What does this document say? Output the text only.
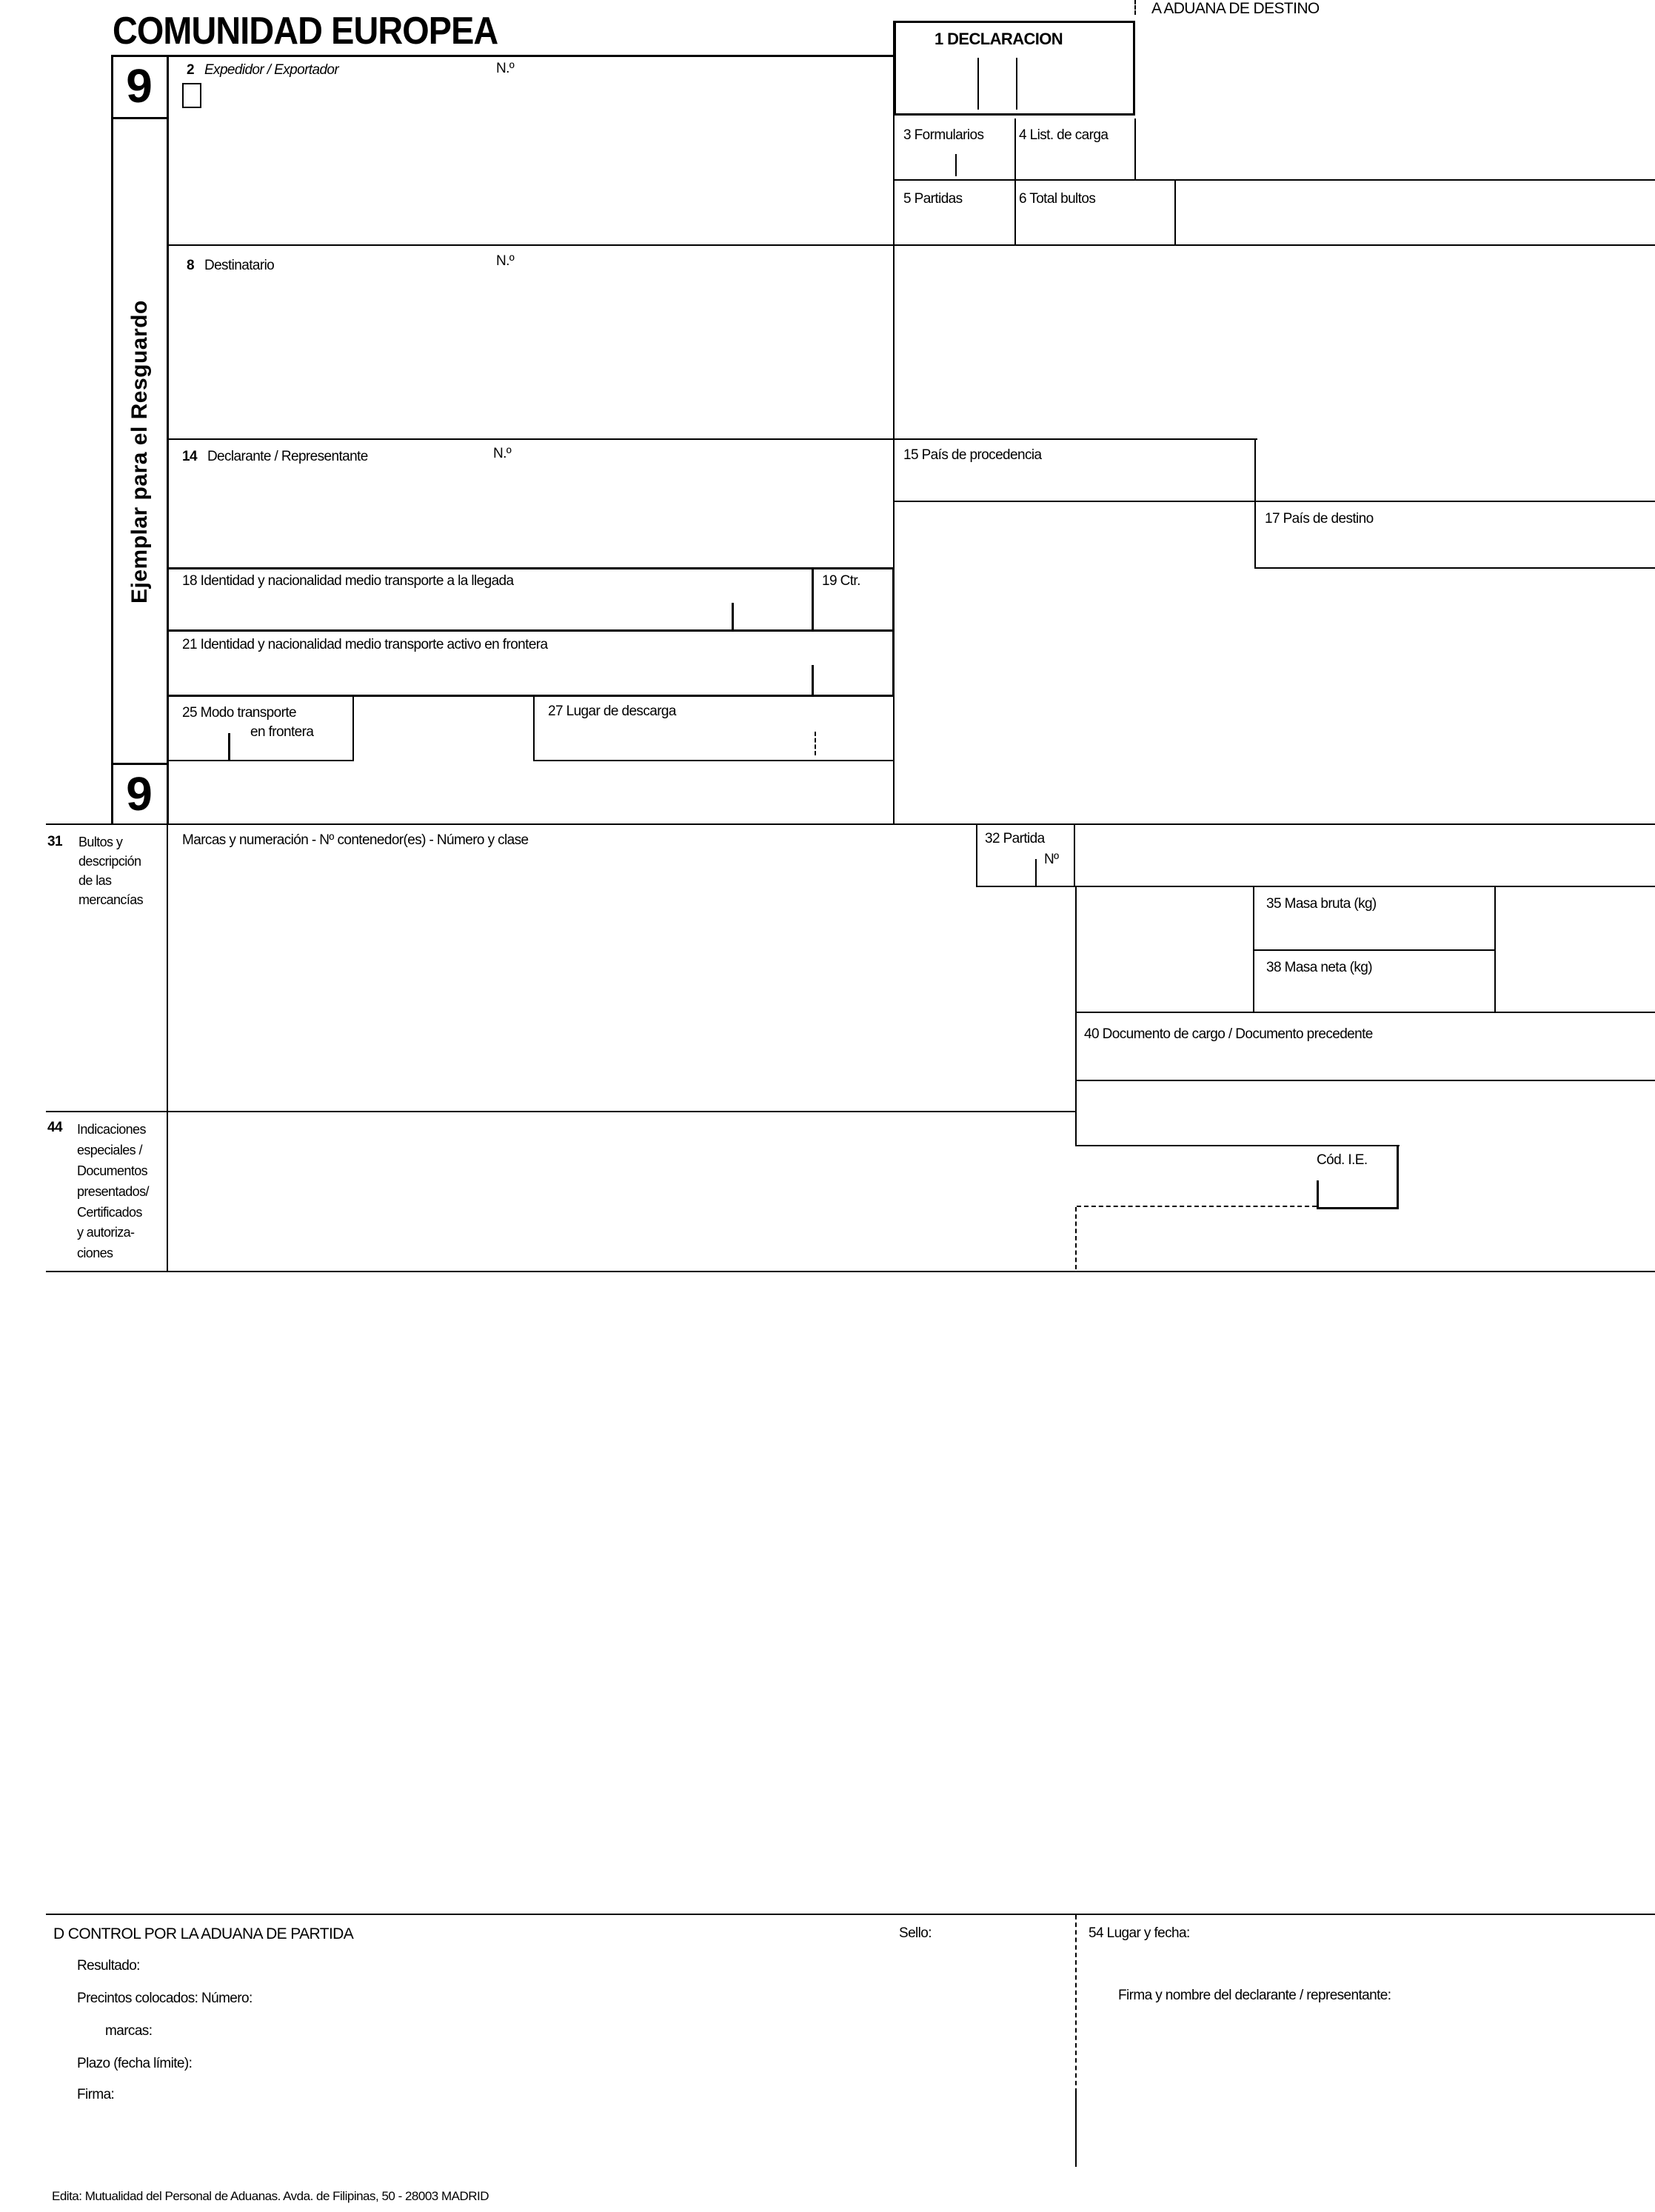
COMUNIDAD EUROPEA
A ADUANA DE DESTINO
1 DECLARACION
9
9
Ejemplar para el Resguardo
2 Expedidor / Exportador	N.º
3 Formularios	4 List. de carga
5 Partidas	6 Total bultos
8 Destinatario	N.º
14 Declarante / Representante	N.º	15 País de procedencia
17 País de destino
18 Identidad y nacionalidad medio transporte a la llegada	19 Ctr.
21 Identidad y nacionalidad medio transporte activo en frontera
25 Modo transporte
en frontera
27 Lugar de descarga
31 Bultos y
descripción
de las
mercancías
Marcas y numeración - Nº contenedor(es) - Número y clase	32 Partida
Nº
35 Masa bruta (kg)
38 Masa neta (kg)
40 Documento de cargo / Documento precedente
44 Indicaciones
especiales /
Documentos
presentados/
Certificados
y autoriza-
ciones
Cód. I.E.
D CONTROL POR LA ADUANA DE PARTIDA	Sello:
Resultado:
Precintos colocados: Número:
marcas:
Plazo (fecha límite):
Firma:
54 Lugar y fecha:
Firma y nombre del declarante / representante:
Edita: Mutualidad del Personal de Aduanas. Avda. de Filipinas, 50 - 28003 MADRID
